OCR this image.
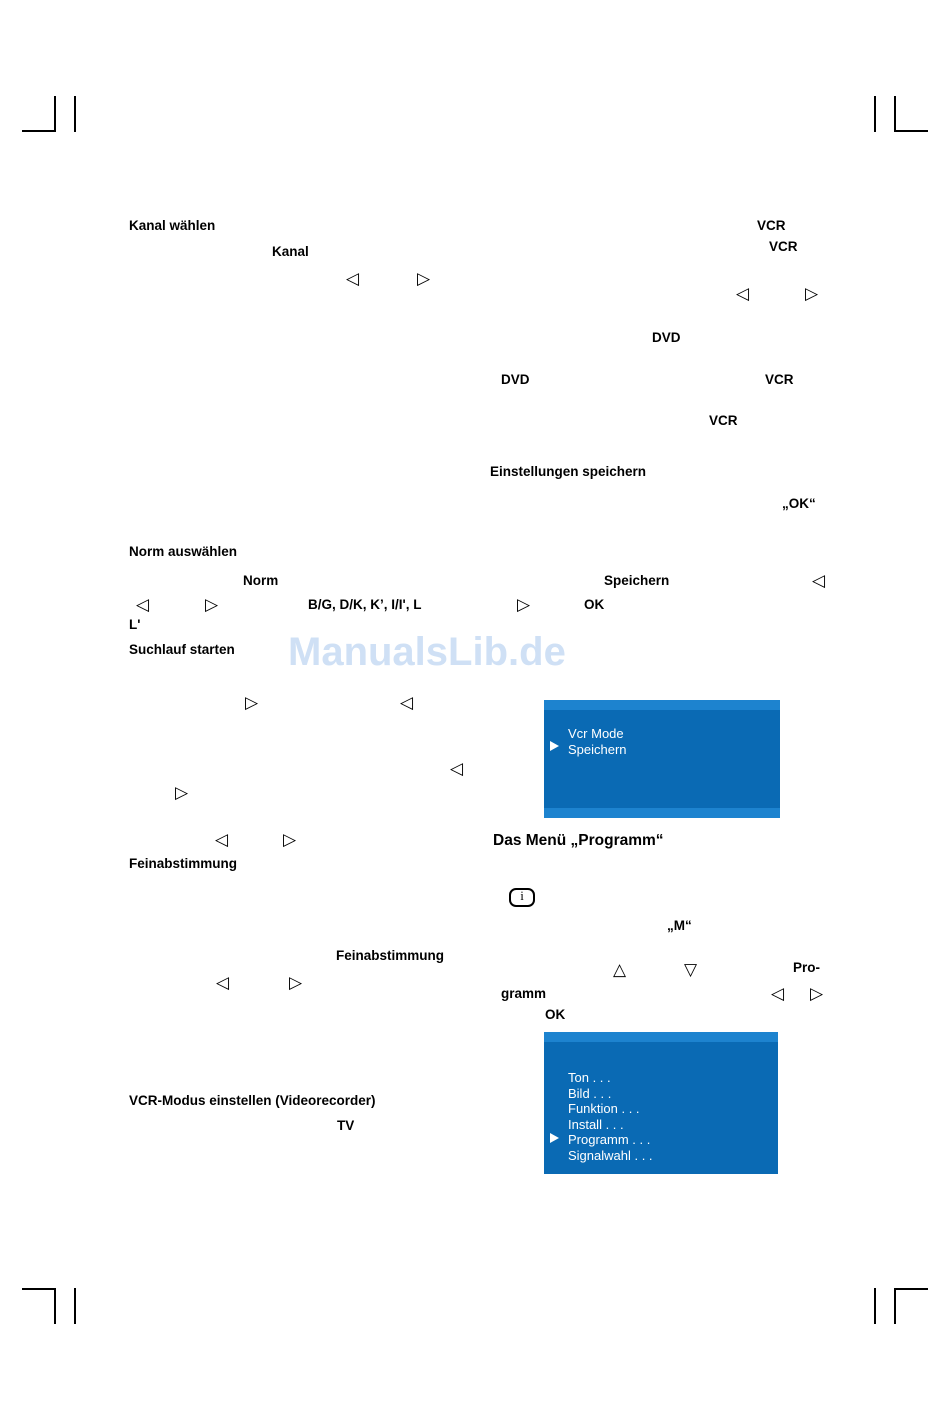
Kanal wählen	VCR
Kanal	VCR
◁	▷
◁	▷
DVD
DVD	VCR
VCR
Einstellungen speichern
„OK“
Norm auswählen
Norm	Speichern	◁
◁	▷	B/G, D/K, K’, I/I', L	▷	OK
L'
Suchlauf starten ManualsLib.de
▷	◁
◁
▷
◁	▷
Feinabstimmung
Das Menü „Programm“
i
„M“
Feinabstimmung
△	▽	Pro-
◁	▷
gramm	◁ ▷
OK
VCR-Modus einstellen (Videorecorder)
TV
Vcr Mode
Speichern
Ton . . .
Bild . . .
Funktion . . .
Install . . .
Programm . . .
Signalwahl . . .
